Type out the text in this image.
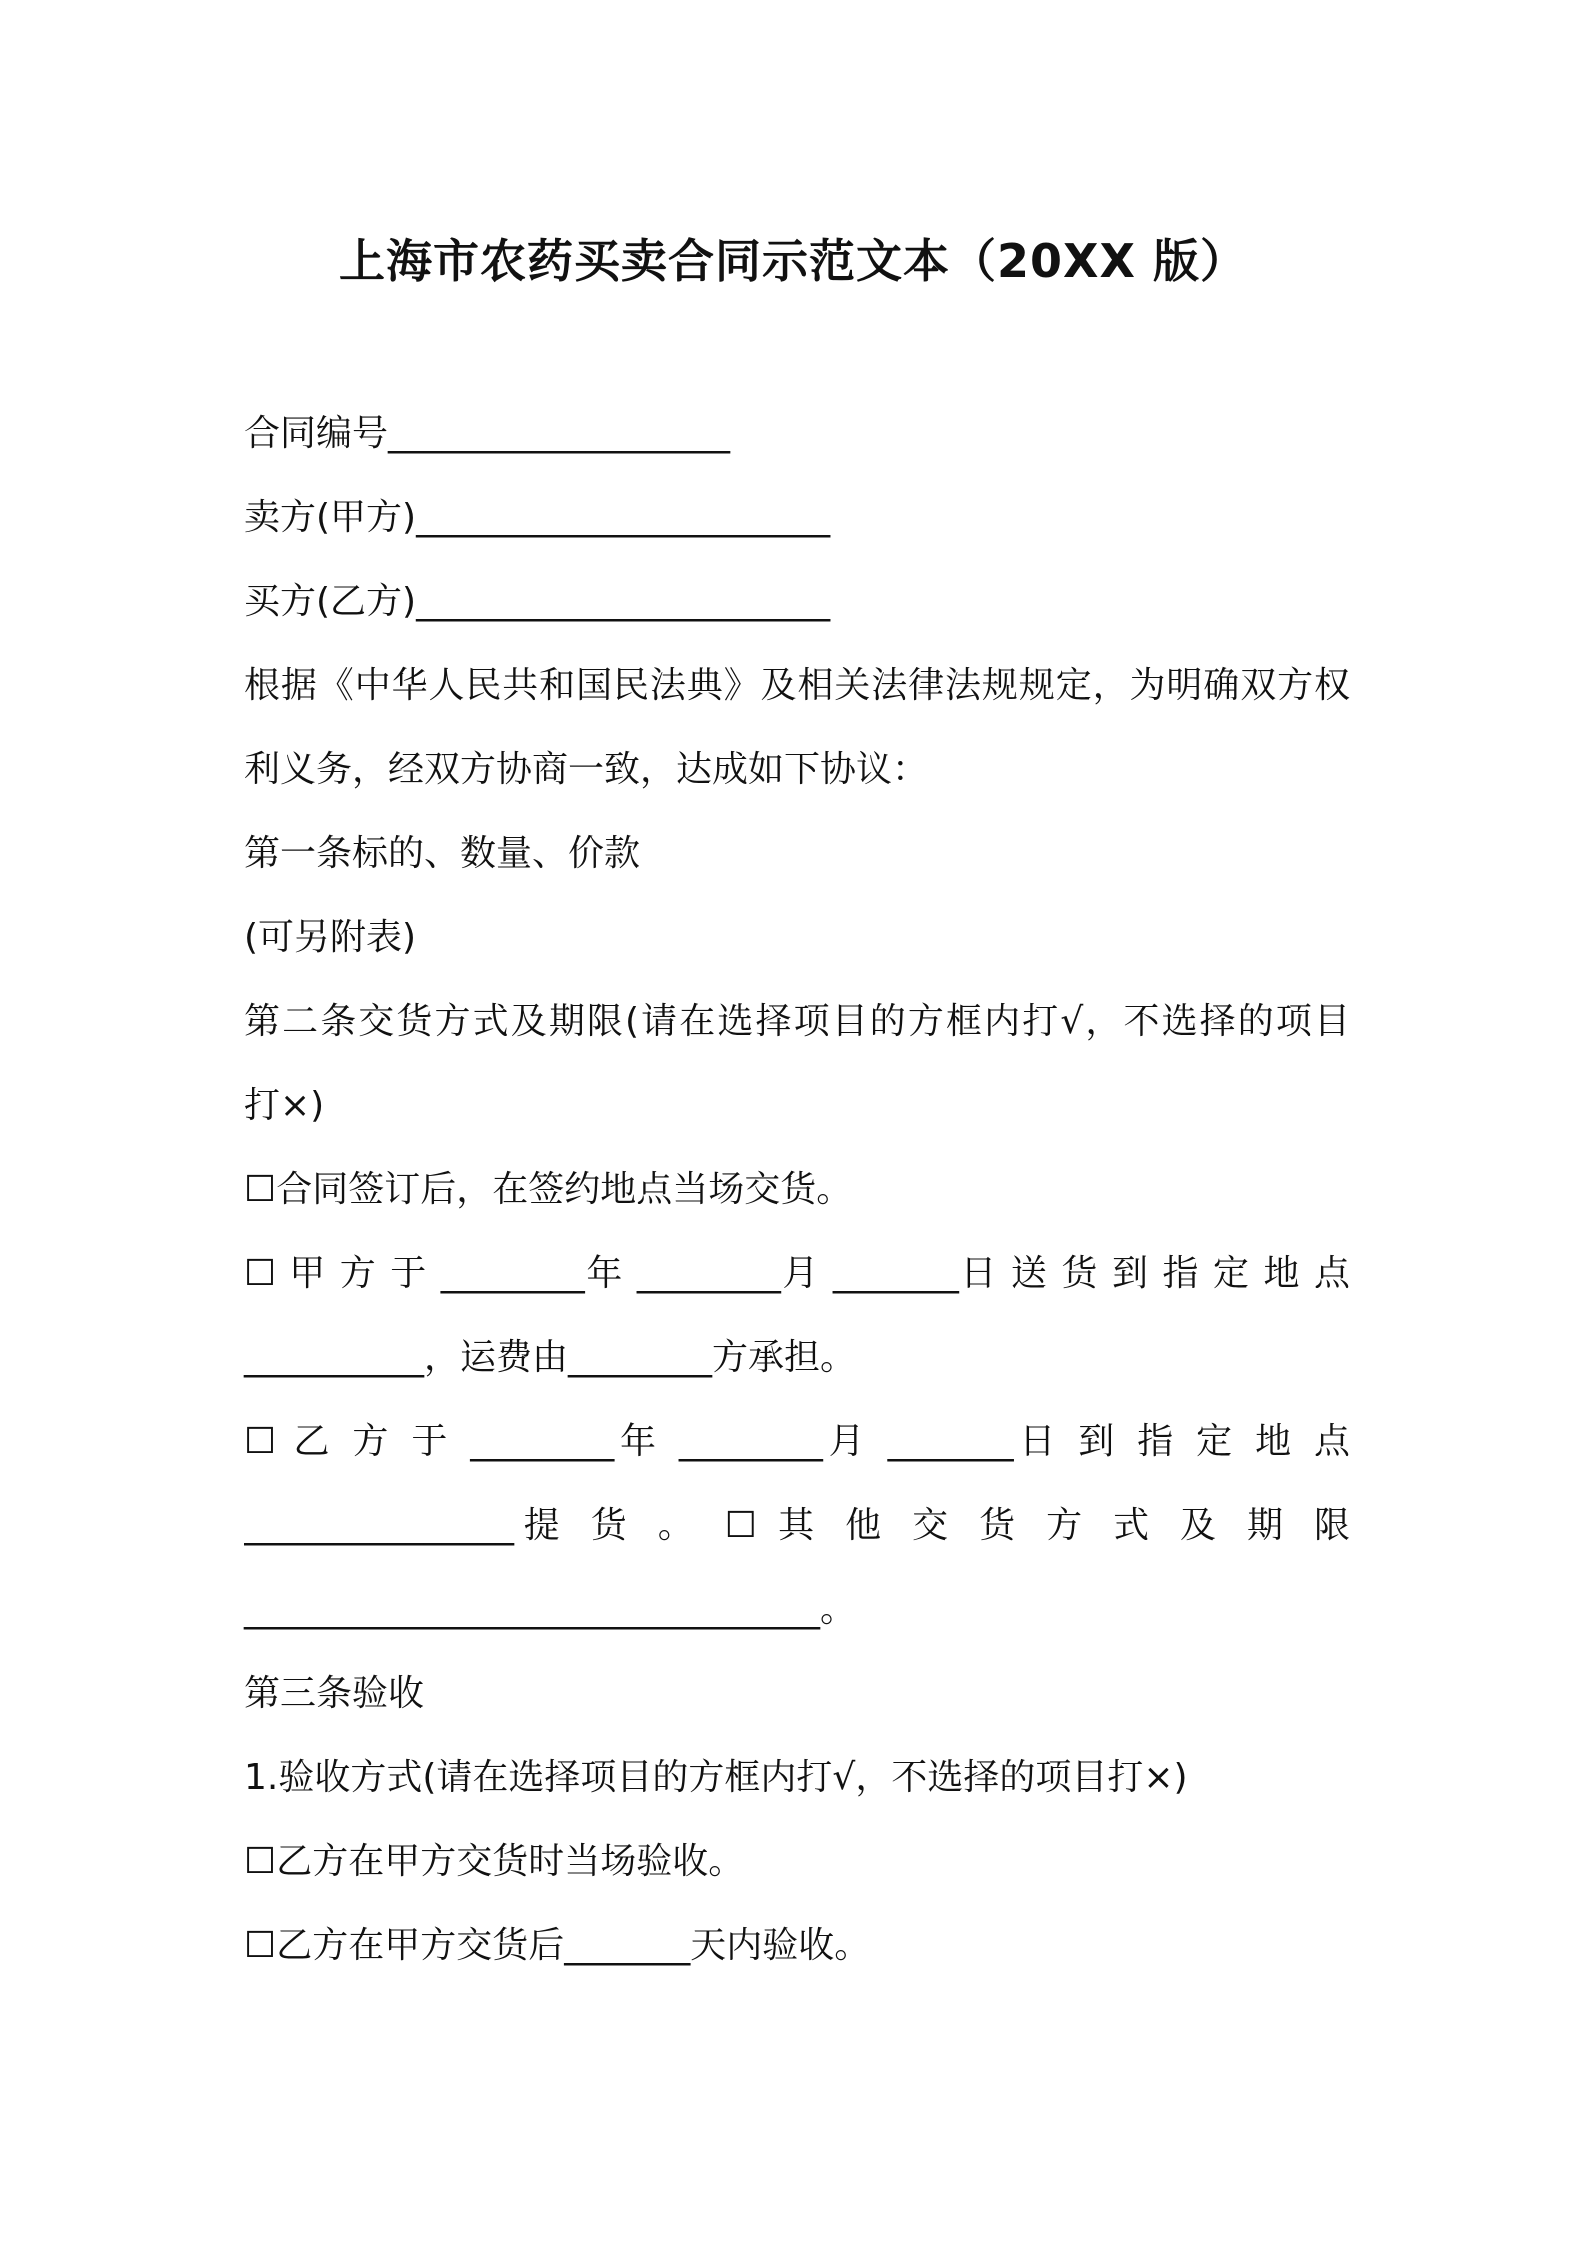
上海市农药买卖合同示范文本（20XX 版）
合同编号___________________
卖方(甲方)_______________________
买方(乙方)_______________________
根据《中华人民共和国民法典》及相关法律法规规定，为明确双方权
利义务，经双方协商一致，达成如下协议：
第一条标的、数量、价款
(可另附表)
第二条交货方式及期限(请在选择项目的方框内打√，不选择的项目
打×)
☐合同签订后，在签约地点当场交货。
☐ 甲 方 于 ________年 ________月 _______日 送 货 到 指 定 地 点
__________，运费由________方承担。
☐ 乙 方 于 ________年 ________月 _______日 到 指 定 地 点
_______________提 货 。 ☐ 其 他 交 货 方 式 及 期 限
________________________________。
第三条验收
1.验收方式(请在选择项目的方框内打√，不选择的项目打×)
☐乙方在甲方交货时当场验收。
☐乙方在甲方交货后_______天内验收。
